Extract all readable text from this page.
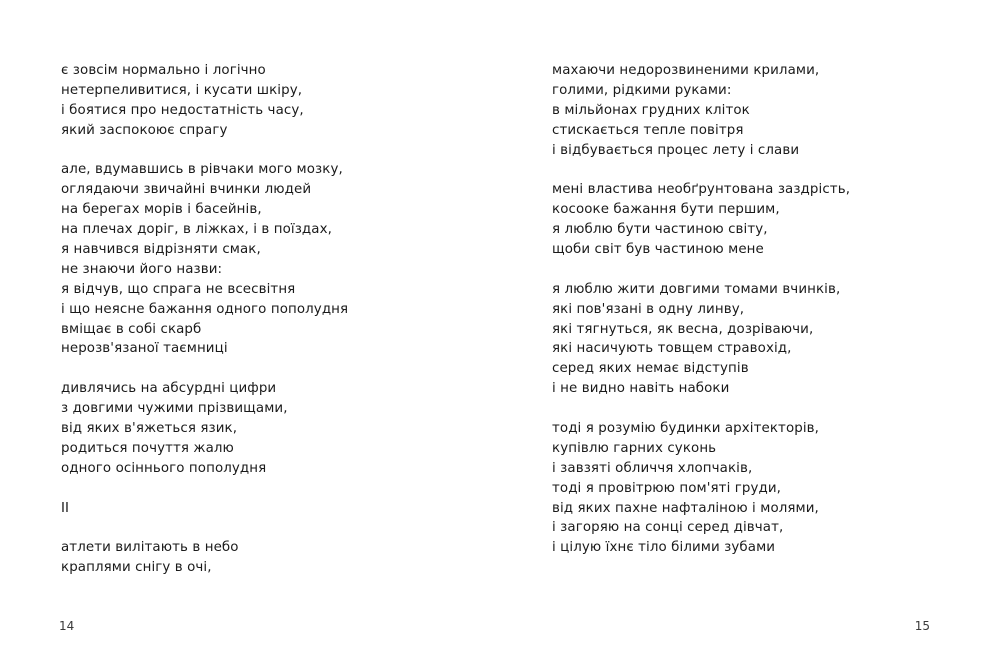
є зовсім нормально і логічно
нетерпеливитися, і кусати шкіру,
і боятися про недостатність часу,
який заспокоює спрагу
але, вдумавшись в рівчаки мого мозку,
оглядаючи звичайні вчинки людей
на берегах морів і басейнів,
на плечах доріг, в ліжках, і в поїздах,
я навчився відрізняти смак,
не знаючи його назви:
я відчув, що спрага не всесвітня
і що неясне бажання одного пополудня
вміщає в собі скарб
нерозв'язаної таємниці
дивлячись на абсурдні цифри
з довгими чужими прізвищами,
від яких в'яжеться язик,
родиться почуття жалю
одного осіннього пополудня
II
атлети вилітають в небо
краплями снігу в очі,
14
махаючи недорозвиненими крилами,
голими, рідкими руками:
в мільйонах грудних кліток
стискається тепле повітря
і відбувається процес лету і слави
мені властива необґрунтована заздрість,
косооке бажання бути першим,
я люблю бути частиною світу,
щоби світ був частиною мене
я люблю жити довгими томами вчинків,
які пов'язані в одну линву,
які тягнуться, як весна, дозріваючи,
які насичують товщем стравохід,
серед яких немає відступів
і не видно навіть набоки
тоді я розумію будинки архітекторів,
купівлю гарних суконь
і завзяті обличчя хлопчаків,
тоді я провітрюю пом'яті груди,
від яких пахне нафталіною і молями,
і загоряю на сонці серед дівчат,
і цілую їхнє тіло білими зубами
15
